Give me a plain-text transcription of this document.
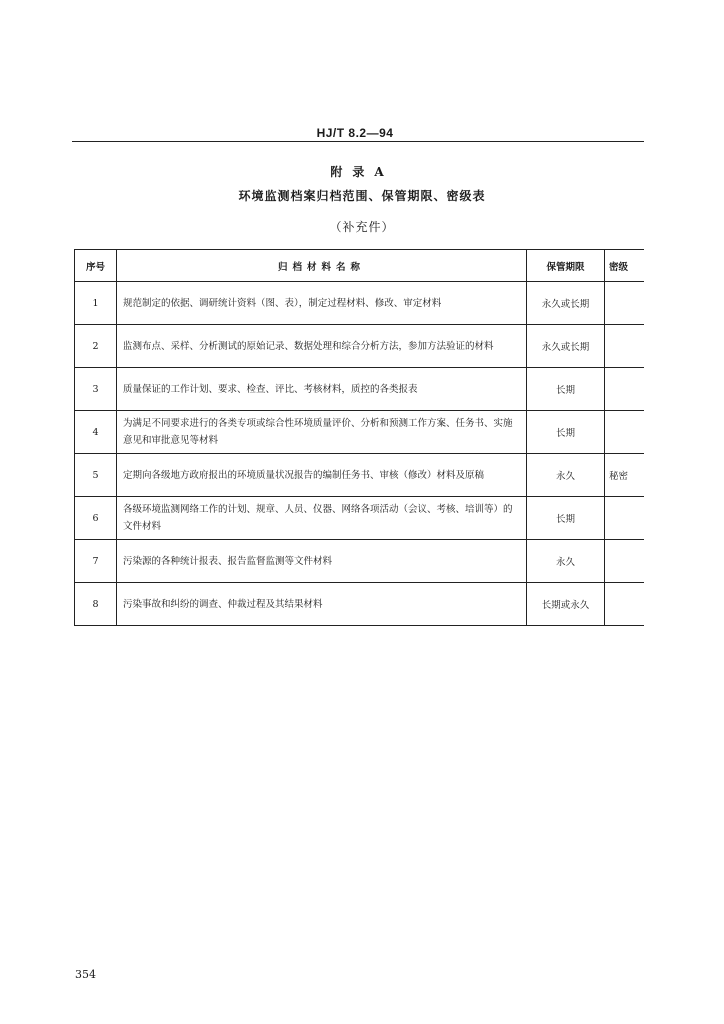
HJ/T 8.2—94
附录A
环境监测档案归档范围、保管期限、密级表
（补充件）
序号	归档材料名称	保管期限	密级
1	规范制定的依据、调研统计资料（图、表），制定过程材料、修改、审定材料	永久或长期	
2	监测布点、采样、分析测试的原始记录、数据处理和综合分析方法，参加方法验证的材料	永久或长期	
3	质量保证的工作计划、要求、检查、评比、考核材料，质控的各类报表	长期	
4	为满足不同要求进行的各类专项或综合性环境质量评价、分析和预测工作方案、任务书、实施意见和审批意见等材料	长期	
5	定期向各级地方政府报出的环境质量状况报告的编制任务书、审核（修改）材料及原稿	永久	秘密
6	各级环境监测网络工作的计划、规章、人员、仪器、网络各项活动（会议、考核、培训等）的文件材料	长期	
7	污染源的各种统计报表、报告监督监测等文件材料	永久	
8	污染事故和纠纷的调查、仲裁过程及其结果材料	长期或永久	
354
